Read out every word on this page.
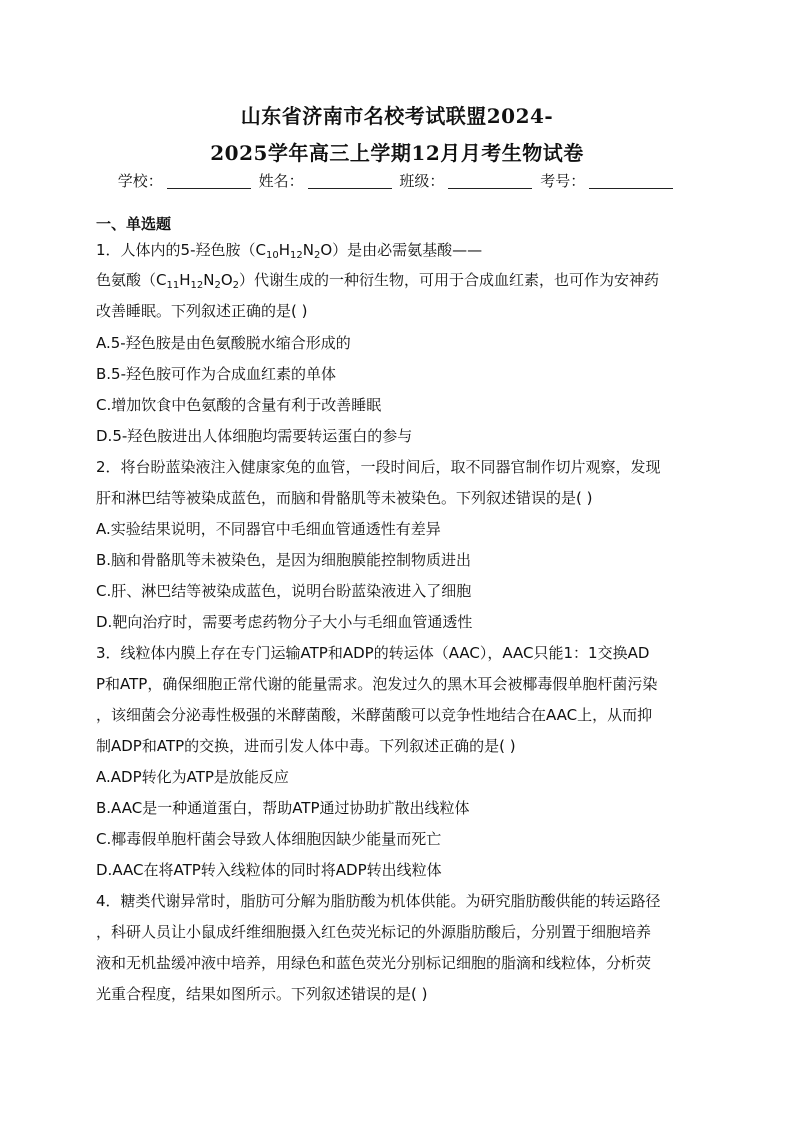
山东省济南市名校考试联盟2024-
2025学年高三上学期12月月考生物试卷
学校：	姓名：	班级：	考号：
一、单选题
1．人体内的5-羟色胺$(C_{10}H_{12}N_2O)$是由必需氨基酸——
色氨酸$(C_{11}H_{12}N_2O_2)$代谢生成的一种衍生物，可用于合成血红素，也可作为安神药
改善睡眠。下列叙述正确的是( )
A.5-羟色胺是由色氨酸脱水缩合形成的
B.5-羟色胺可作为合成血红素的单体
C.增加饮食中色氨酸的含量有利于改善睡眠
D.5-羟色胺进出人体细胞均需要转运蛋白的参与
2．将台盼蓝染液注入健康家兔的血管，一段时间后，取不同器官制作切片观察，发现
肝和淋巴结等被染成蓝色，而脑和骨骼肌等未被染色。下列叙述错误的是( )
A.实验结果说明，不同器官中毛细血管通透性有差异
B.脑和骨骼肌等未被染色，是因为细胞膜能控制物质进出
C.肝、淋巴结等被染成蓝色，说明台盼蓝染液进入了细胞
D.靶向治疗时，需要考虑药物分子大小与毛细血管通透性
3．线粒体内膜上存在专门运输ATP和ADP的转运体（AAC），AAC只能1：1交换AD
P和ATP，确保细胞正常代谢的能量需求。泡发过久的黑木耳会被椰毒假单胞杆菌污染
，该细菌会分泌毒性极强的米酵菌酸，米酵菌酸可以竞争性地结合在AAC上，从而抑
制ADP和ATP的交换，进而引发人体中毒。下列叙述正确的是( )
A.ADP转化为ATP是放能反应
B.AAC是一种通道蛋白，帮助ATP通过协助扩散出线粒体
C.椰毒假单胞杆菌会导致人体细胞因缺少能量而死亡
D.AAC在将ATP转入线粒体的同时将ADP转出线粒体
4．糖类代谢异常时，脂肪可分解为脂肪酸为机体供能。为研究脂肪酸供能的转运路径
，科研人员让小鼠成纤维细胞摄入红色荧光标记的外源脂肪酸后，分别置于细胞培养
液和无机盐缓冲液中培养，用绿色和蓝色荧光分别标记细胞的脂滴和线粒体，分析荧
光重合程度，结果如图所示。下列叙述错误的是( )
